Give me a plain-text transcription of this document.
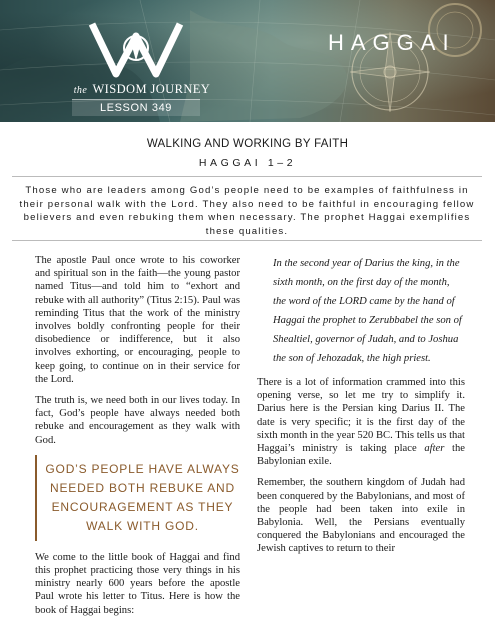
the WISDOM JOURNEY
LESSON 349
HAGGAI
WALKING AND WORKING BY FAITH
HAGGAI 1–2
Those who are leaders among God’s people need to be examples of faithfulness in their personal walk with the Lord. They also need to be faithful in encouraging fellow believers and even rebuking them when necessary. The prophet Haggai exemplifies these qualities.

The apostle Paul once wrote to his coworker and spiritual son in the faith—the young pastor named Titus—and told him to “exhort and rebuke with all authority” (Titus 2:15). Paul was reminding Titus that the work of the ministry involves boldly confronting people for their disobedience or indifference, but it also involves exhorting, or encouraging, people to keep going, to continue on in their service for the Lord.

The truth is, we need both in our lives today. In fact, God’s people have always needed both rebuke and encouragement as they walk with God.

GOD’S PEOPLE HAVE ALWAYS NEEDED BOTH REBUKE AND ENCOURAGEMENT AS THEY WALK WITH GOD.

We come to the little book of Haggai and find this prophet practicing those very things in his ministry nearly 600 years before the apostle Paul wrote his letter to Titus. Here is how the book of Haggai begins:

In the second year of Darius the king, in the sixth month, on the first day of the month, the word of the LORD came by the hand of Haggai the prophet to Zerubbabel the son of Shealtiel, governor of Judah, and to Joshua the son of Jehozadak, the high priest.

There is a lot of information crammed into this opening verse, so let me try to simplify it. Darius here is the Persian king Darius II. The date is very specific; it is the first day of the sixth month in the year 520 BC. This tells us that Haggai’s ministry is taking place after the Babylonian exile.

Remember, the southern kingdom of Judah had been conquered by the Babylonians, and most of the people had been taken into exile in Babylonia. Well, the Persians eventually conquered the Babylonians and encouraged the Jewish captives to return to their
